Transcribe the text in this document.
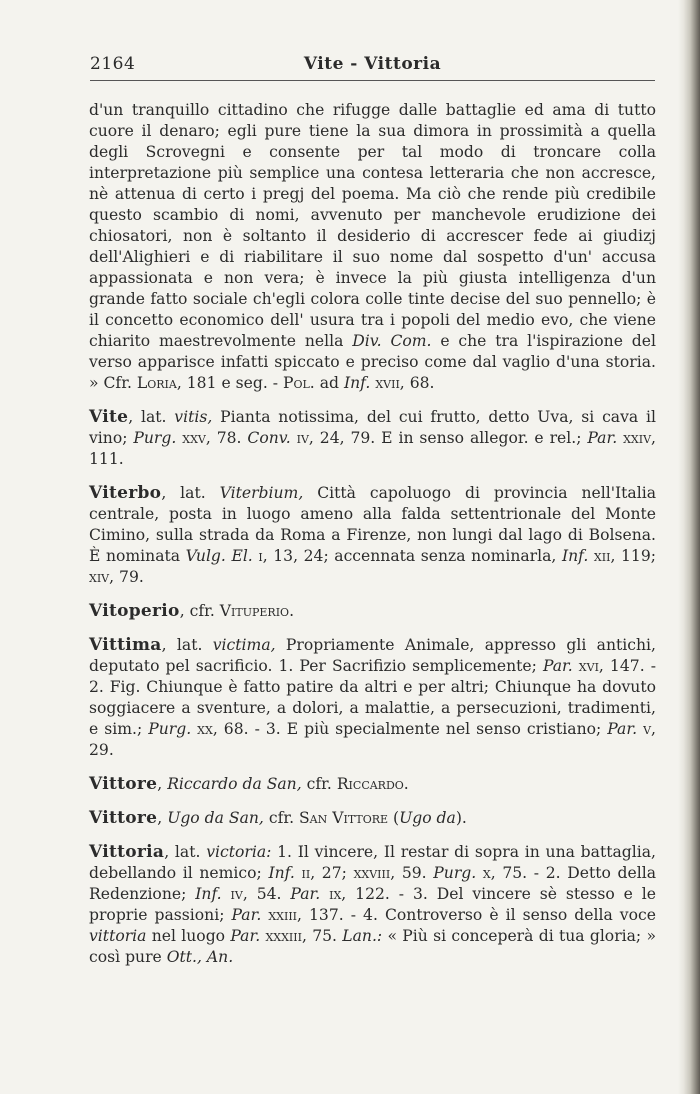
2164	Vite - Vittoria

d'un tranquillo cittadino che rifugge dalle battaglie ed ama di tutto cuore il denaro; egli pure tiene la sua dimora in prossimità a quella degli Scrovegni e consente per tal modo di troncare colla interpretazione più semplice una contesa letteraria che non accresce, nè attenua di certo i pregj del poema. Ma ciò che rende più credibile questo scambio di nomi, avvenuto per manchevole erudizione dei chiosatori, non è soltanto il desiderio di accrescer fede ai giudizj dell'Alighieri e di riabilitare il suo nome dal sospetto d'un' accusa appassionata e non vera; è invece la più giusta intelligenza d'un grande fatto sociale ch'egli colora colle tinte decise del suo pennello; è il concetto economico dell' usura tra i popoli del medio evo, che viene chiarito maestrevolmente nella Div. Com. e che tra l'ispirazione del verso apparisce infatti spiccato e preciso come dal vaglio d'una storia. » Cfr. Loria, 181 e seg. - Pol. ad Inf. xvii, 68.

Vite, lat. vitis, Pianta notissima, del cui frutto, detto Uva, si cava il vino; Purg. xxv, 78. Conv. iv, 24, 79. E in senso allegor. e rel.; Par. xxiv, 111.

Viterbo, lat. Viterbium, Città capoluogo di provincia nell'Italia centrale, posta in luogo ameno alla falda settentrionale del Monte Cimino, sulla strada da Roma a Firenze, non lungi dal lago di Bolsena. È nominata Vulg. El. i, 13, 24; accennata senza nominarla, Inf. xii, 119; xiv, 79.

Vitoperio, cfr. Vituperio.

Vittima, lat. victima, Propriamente Animale, appresso gli antichi, deputato pel sacrificio. 1. Per Sacrifizio semplicemente; Par. xvi, 147. - 2. Fig. Chiunque è fatto patire da altri e per altri; Chiunque ha dovuto soggiacere a sventure, a dolori, a malattie, a persecuzioni, tradimenti, e sim.; Purg. xx, 68. - 3. E più specialmente nel senso cristiano; Par. v, 29.

Vittore, Riccardo da San, cfr. Riccardo.

Vittore, Ugo da San, cfr. San Vittore (Ugo da).

Vittoria, lat. victoria: 1. Il vincere, Il restar di sopra in una battaglia, debellando il nemico; Inf. ii, 27; xxviii, 59. Purg. x, 75. - 2. Detto della Redenzione; Inf. iv, 54. Par. ix, 122. - 3. Del vincere sè stesso e le proprie passioni; Par. xxiii, 137. - 4. Controverso è il senso della voce vittoria nel luogo Par. xxxiii, 75. Lan.: « Più si conceperà di tua gloria; » così pure Ott., An.
